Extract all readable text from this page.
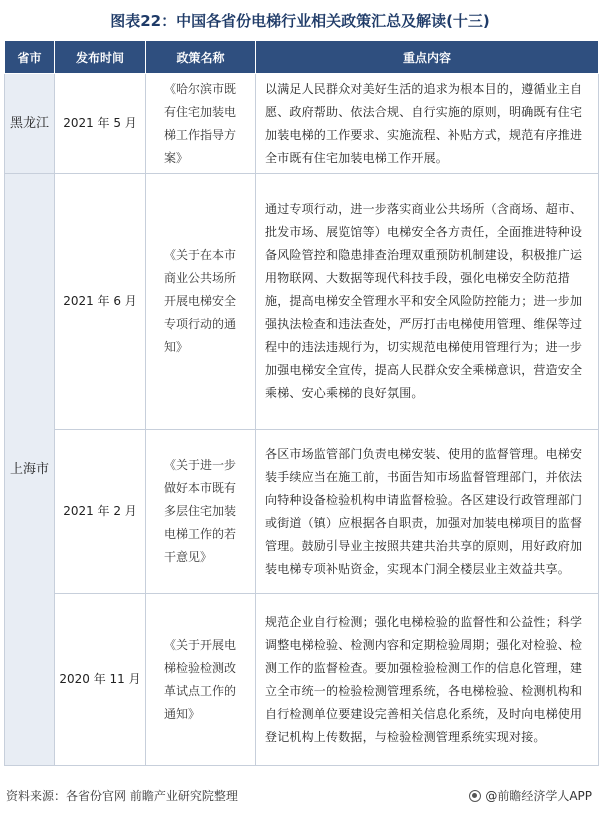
图表22：中国各省份电梯行业相关政策汇总及解读(十三)
省市	发布时间	政策名称	重点内容
黑龙江	2021 年 5 月	《哈尔滨市既有住宅加装电梯工作指导方案》	以满足人民群众对美好生活的追求为根本目的，遵循业主自愿、政府帮助、依法合规、自行实施的原则，明确既有住宅加装电梯的工作要求、实施流程、补贴方式，规范有序推进全市既有住宅加装电梯工作开展。
上海市	2021 年 6 月	《关于在本市商业公共场所开展电梯安全专项行动的通知》	通过专项行动，进一步落实商业公共场所（含商场、超市、批发市场、展览馆等）电梯安全各方责任，全面推进特种设备风险管控和隐患排查治理双重预防机制建设，积极推广运用物联网、大数据等现代科技手段，强化电梯安全防范措施，提高电梯安全管理水平和安全风险防控能力；进一步加强执法检查和违法查处，严厉打击电梯使用管理、维保等过程中的违法违规行为，切实规范电梯使用管理行为；进一步加强电梯安全宣传，提高人民群众安全乘梯意识，营造安全乘梯、安心乘梯的良好氛围。
	2021 年 2 月	《关于进一步做好本市既有多层住宅加装电梯工作的若干意见》	各区市场监管部门负责电梯安装、使用的监督管理。电梯安装手续应当在施工前，书面告知市场监督管理部门，并依法向特种设备检验机构申请监督检验。各区建设行政管理部门或街道（镇）应根据各自职责，加强对加装电梯项目的监督管理。鼓励引导业主按照共建共治共享的原则，用好政府加装电梯专项补贴资金，实现本门洞全楼层业主效益共享。
	2020 年 11 月	《关于开展电梯检验检测改革试点工作的通知》	规范企业自行检测；强化电梯检验的监督性和公益性；科学调整电梯检验、检测内容和定期检验周期；强化对检验、检测工作的监督检查。要加强检验检测工作的信息化管理，建立全市统一的检验检测管理系统，各电梯检验、检测机构和自行检测单位要建设完善相关信息化系统，及时向电梯使用登记机构上传数据，与检验检测管理系统实现对接。
资料来源：各省份官网 前瞻产业研究院整理	@前瞻经济学人APP
